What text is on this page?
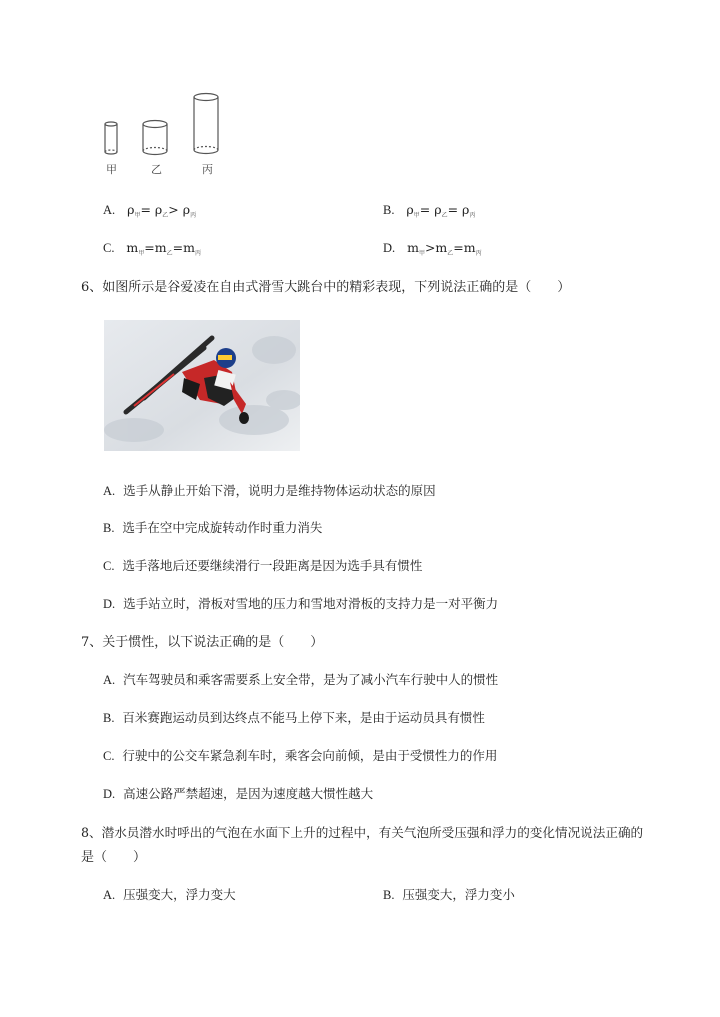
甲	乙	丙
A. $\rho_甲= \rho_乙> \rho_丙$	B. $\rho_甲= \rho_乙= \rho_丙$
C. $m_甲=m_乙=m_丙$	D. $m_甲>m_乙=m_丙$
6、如图所示是谷爱凌在自由式滑雪大跳台中的精彩表现，下列说法正确的是（　　）
A. 选手从静止开始下滑，说明力是维持物体运动状态的原因
B. 选手在空中完成旋转动作时重力消失
C. 选手落地后还要继续滑行一段距离是因为选手具有惯性
D. 选手站立时，滑板对雪地的压力和雪地对滑板的支持力是一对平衡力
7、关于惯性，以下说法正确的是（　　）
A. 汽车驾驶员和乘客需要系上安全带，是为了减小汽车行驶中人的惯性
B. 百米赛跑运动员到达终点不能马上停下来，是由于运动员具有惯性
C. 行驶中的公交车紧急刹车时，乘客会向前倾，是由于受惯性力的作用
D. 高速公路严禁超速，是因为速度越大惯性越大
8、潜水员潜水时呼出的气泡在水面下上升的过程中，有关气泡所受压强和浮力的变化情况说法正确的
是（　　）
A. 压强变大，浮力变大	B. 压强变大，浮力变小
